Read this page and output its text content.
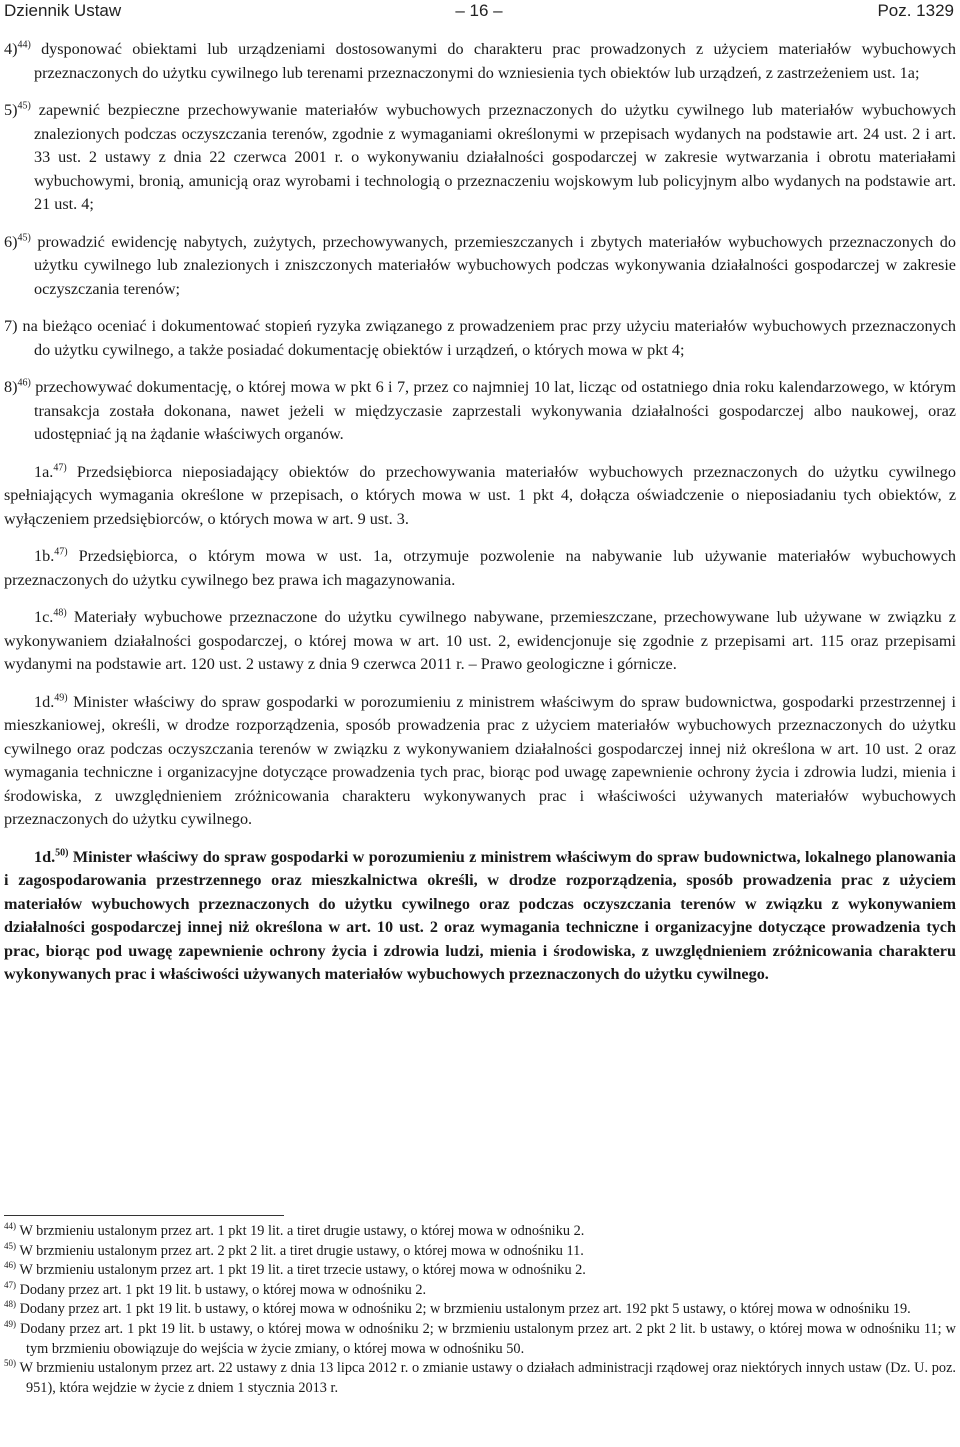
Dziennik Ustaw	– 16 –	Poz. 1329

4)$^{44)}$ dysponować obiektami lub urządzeniami dostosowanymi do charakteru prac prowadzonych z użyciem materiałów wybuchowych przeznaczonych do użytku cywilnego lub terenami przeznaczonymi do wzniesienia tych obiektów lub urządzeń, z zastrzeżeniem ust. 1a;

5)$^{45)}$ zapewnić bezpieczne przechowywanie materiałów wybuchowych przeznaczonych do użytku cywilnego lub materiałów wybuchowych znalezionych podczas oczyszczania terenów, zgodnie z wymaganiami określonymi w przepisach wydanych na podstawie art. 24 ust. 2 i art. 33 ust. 2 ustawy z dnia 22 czerwca 2001 r. o wykonywaniu działalności gospodarczej w zakresie wytwarzania i obrotu materiałami wybuchowymi, bronią, amunicją oraz wyrobami i technologią o przeznaczeniu wojskowym lub policyjnym albo wydanych na podstawie art. 21 ust. 4;

6)$^{45)}$ prowadzić ewidencję nabytych, zużytych, przechowywanych, przemieszczanych i zbytych materiałów wybuchowych przeznaczonych do użytku cywilnego lub znalezionych i zniszczonych materiałów wybuchowych podczas wykonywania działalności gospodarczej w zakresie oczyszczania terenów;

7) na bieżąco oceniać i dokumentować stopień ryzyka związanego z prowadzeniem prac przy użyciu materiałów wybuchowych przeznaczonych do użytku cywilnego, a także posiadać dokumentację obiektów i urządzeń, o których mowa w pkt 4;

8)$^{46)}$ przechowywać dokumentację, o której mowa w pkt 6 i 7, przez co najmniej 10 lat, licząc od ostatniego dnia roku kalendarzowego, w którym transakcja została dokonana, nawet jeżeli w międzyczasie zaprzestali wykonywania działalności gospodarczej albo naukowej, oraz udostępniać ją na żądanie właściwych organów.

1a.$^{47)}$ Przedsiębiorca nieposiadający obiektów do przechowywania materiałów wybuchowych przeznaczonych do użytku cywilnego spełniających wymagania określone w przepisach, o których mowa w ust. 1 pkt 4, dołącza oświadczenie o nieposiadaniu tych obiektów, z wyłączeniem przedsiębiorców, o których mowa w art. 9 ust. 3.

1b.$^{47)}$ Przedsiębiorca, o którym mowa w ust. 1a, otrzymuje pozwolenie na nabywanie lub używanie materiałów wybuchowych przeznaczonych do użytku cywilnego bez prawa ich magazynowania.

1c.$^{48)}$ Materiały wybuchowe przeznaczone do użytku cywilnego nabywane, przemieszczane, przechowywane lub używane w związku z wykonywaniem działalności gospodarczej, o której mowa w art. 10 ust. 2, ewidencjonuje się zgodnie z przepisami art. 115 oraz przepisami wydanymi na podstawie art. 120 ust. 2 ustawy z dnia 9 czerwca 2011 r. – Prawo geologiczne i górnicze.

1d.$^{49)}$ Minister właściwy do spraw gospodarki w porozumieniu z ministrem właściwym do spraw budownictwa, gospodarki przestrzennej i mieszkaniowej, określi, w drodze rozporządzenia, sposób prowadzenia prac z użyciem materiałów wybuchowych przeznaczonych do użytku cywilnego oraz podczas oczyszczania terenów w związku z wykonywaniem działalności gospodarczej innej niż określona w art. 10 ust. 2 oraz wymagania techniczne i organizacyjne dotyczące prowadzenia tych prac, biorąc pod uwagę zapewnienie ochrony życia i zdrowia ludzi, mienia i środowiska, z uwzględnieniem zróżnicowania charakteru wykonywanych prac i właściwości używanych materiałów wybuchowych przeznaczonych do użytku cywilnego.

1d.$^{50)}$ Minister właściwy do spraw gospodarki w porozumieniu z ministrem właściwym do spraw budownictwa, lokalnego planowania i zagospodarowania przestrzennego oraz mieszkalnictwa określi, w drodze rozporządzenia, sposób prowadzenia prac z użyciem materiałów wybuchowych przeznaczonych do użytku cywilnego oraz podczas oczyszczania terenów w związku z wykonywaniem działalności gospodarczej innej niż określona w art. 10 ust. 2 oraz wymagania techniczne i organizacyjne dotyczące prowadzenia tych prac, biorąc pod uwagę zapewnienie ochrony życia i zdrowia ludzi, mienia i środowiska, z uwzględnieniem zróżnicowania charakteru wykonywanych prac i właściwości używanych materiałów wybuchowych przeznaczonych do użytku cywilnego.

$^{44)}$ W brzmieniu ustalonym przez art. 1 pkt 19 lit. a tiret drugie ustawy, o której mowa w odnośniku 2.

$^{45)}$ W brzmieniu ustalonym przez art. 2 pkt 2 lit. a tiret drugie ustawy, o której mowa w odnośniku 11.

$^{46)}$ W brzmieniu ustalonym przez art. 1 pkt 19 lit. a tiret trzecie ustawy, o której mowa w odnośniku 2.

$^{47)}$ Dodany przez art. 1 pkt 19 lit. b ustawy, o której mowa w odnośniku 2.

$^{48)}$ Dodany przez art. 1 pkt 19 lit. b ustawy, o której mowa w odnośniku 2; w brzmieniu ustalonym przez art. 192 pkt 5 ustawy, o której mowa w odnośniku 19.

$^{49)}$ Dodany przez art. 1 pkt 19 lit. b ustawy, o której mowa w odnośniku 2; w brzmieniu ustalonym przez art. 2 pkt 2 lit. b ustawy, o której mowa w odnośniku 11; w tym brzmieniu obowiązuje do wejścia w życie zmiany, o której mowa w odnośniku 50.

$^{50)}$ W brzmieniu ustalonym przez art. 22 ustawy z dnia 13 lipca 2012 r. o zmianie ustawy o działach administracji rządowej oraz niektórych innych ustaw (Dz. U. poz. 951), która wejdzie w życie z dniem 1 stycznia 2013 r.
